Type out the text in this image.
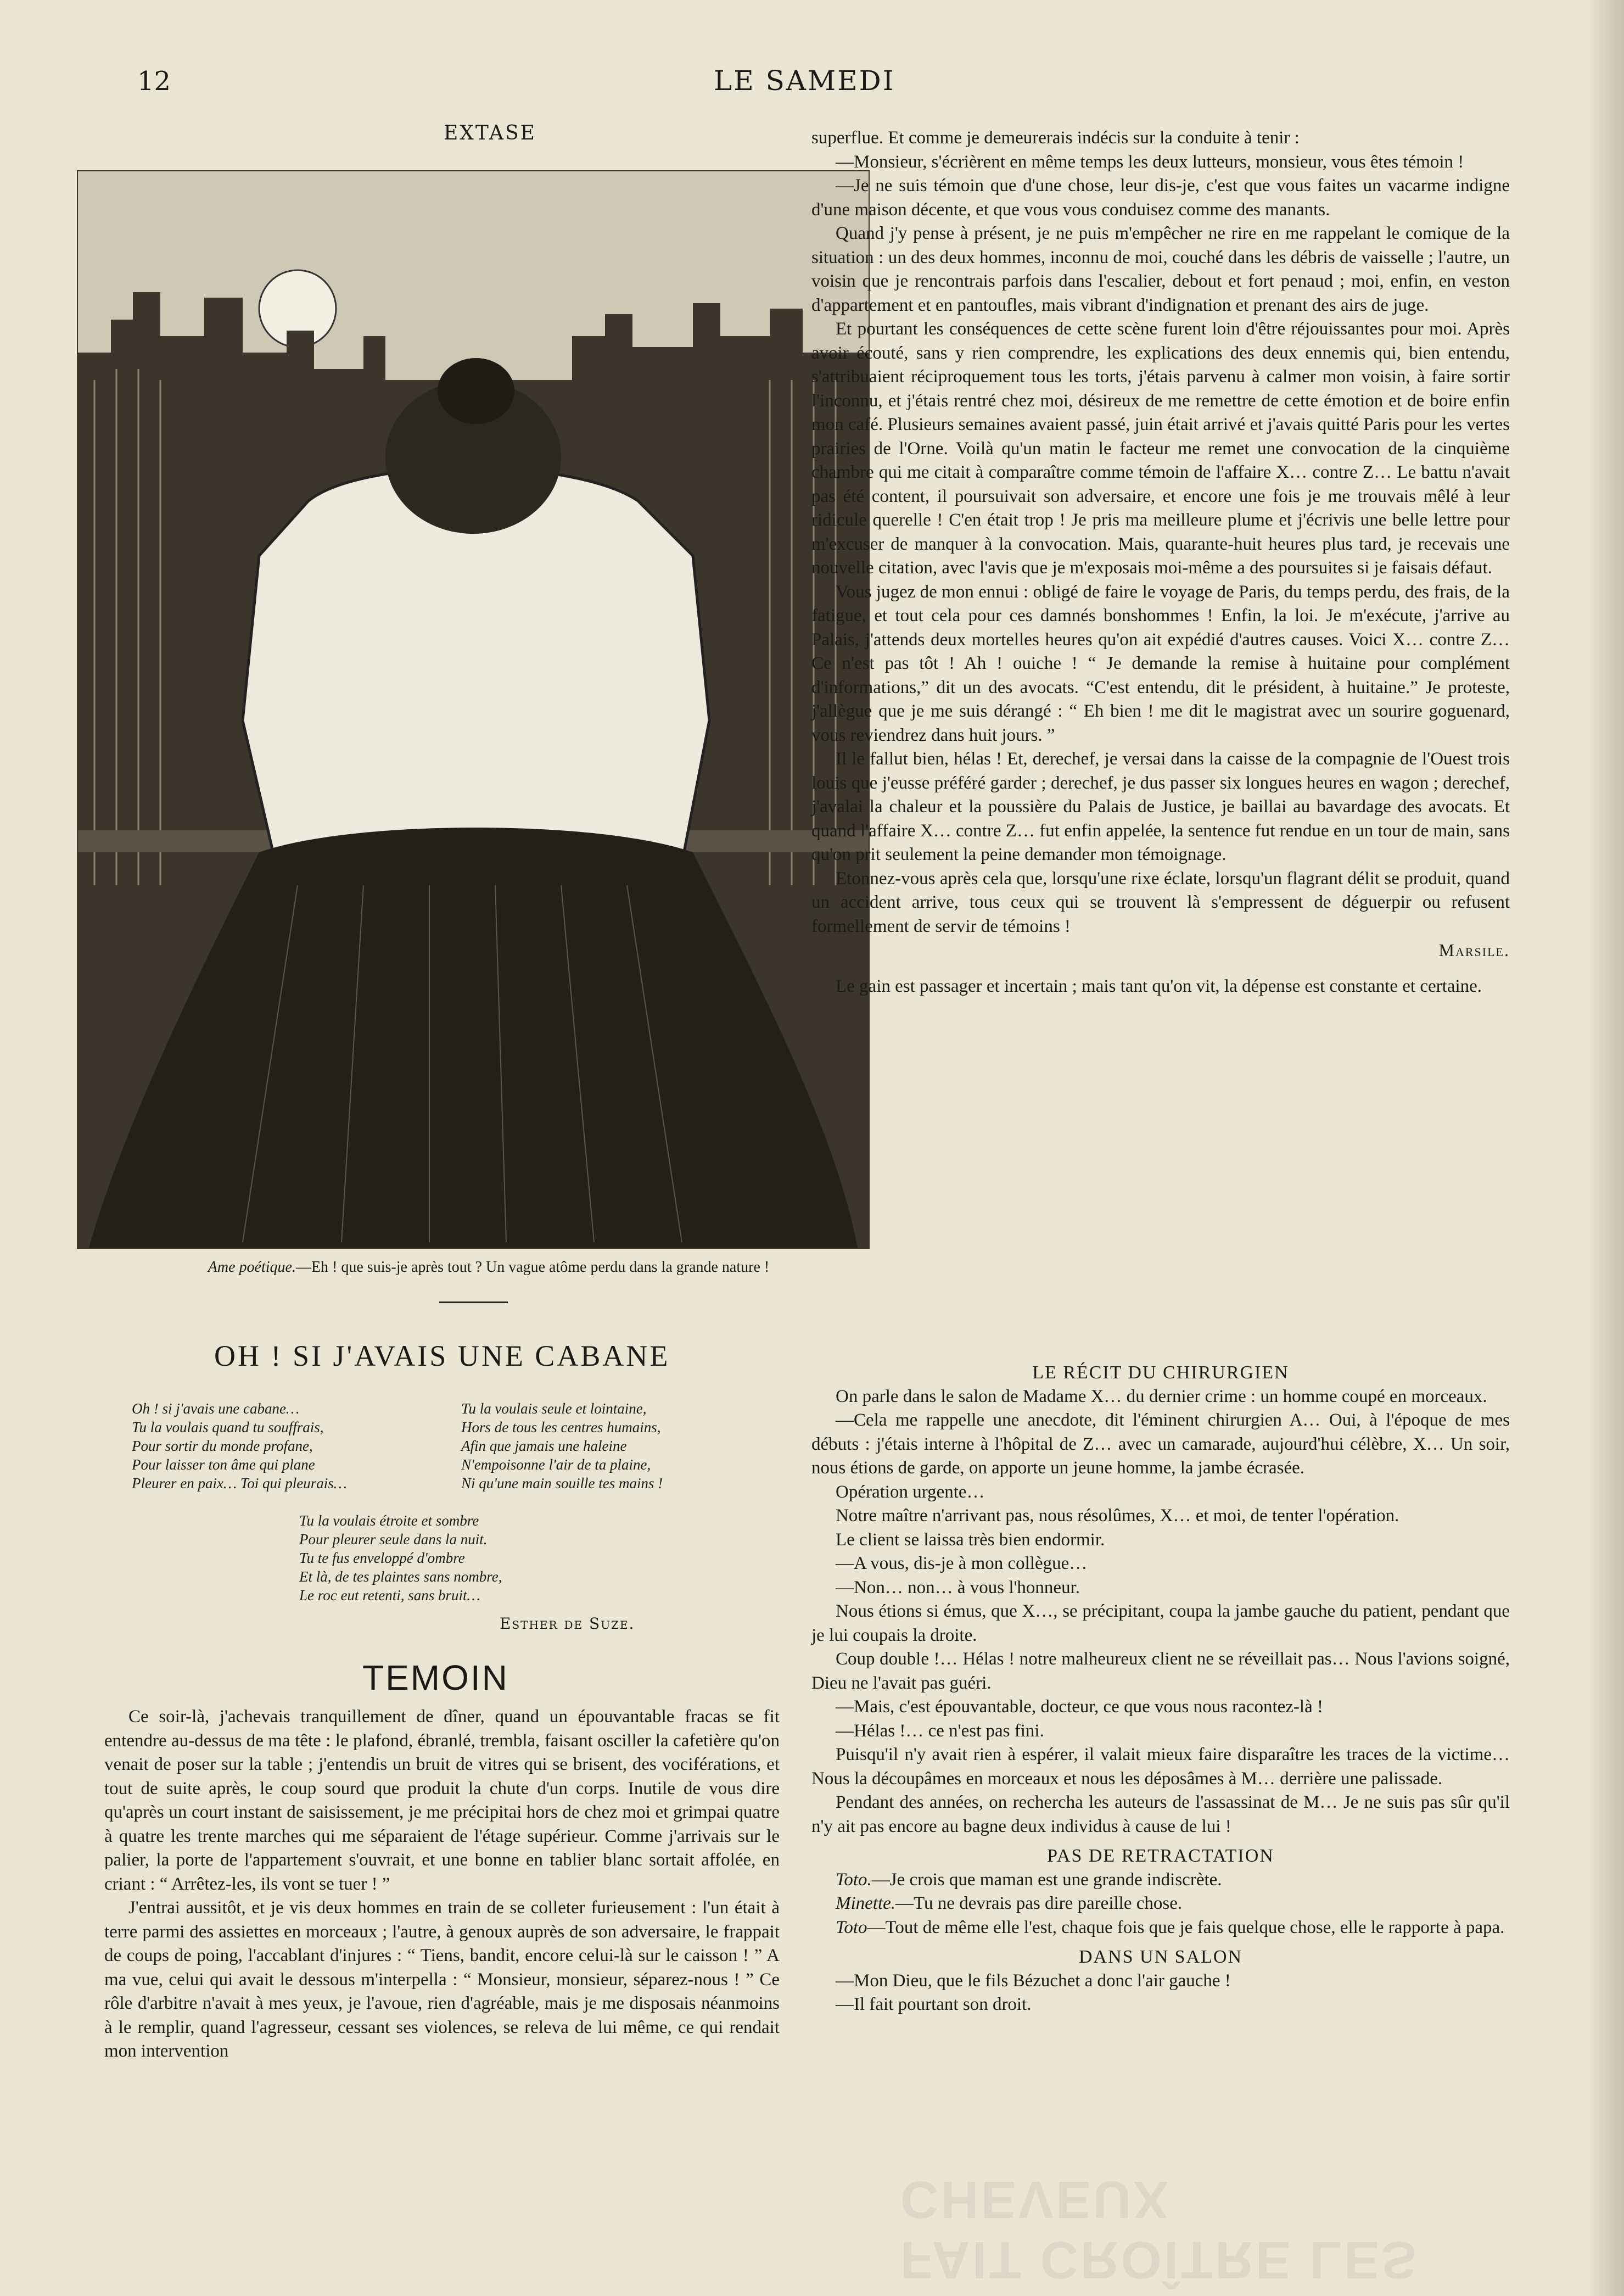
12	LE SAMEDI
EXTASE
Ame poétique.—Eh ! que suis-je après tout ? Un vague atôme perdu dans la grande nature !
OH ! SI J'AVAIS UNE CABANE
Oh ! si j'avais une cabane…
Tu la voulais quand tu souffrais,
Pour sortir du monde profane,
Pour laisser ton âme qui plane
Pleurer en paix… Toi qui pleurais…
Tu la voulais seule et lointaine,
Hors de tous les centres humains,
Afin que jamais une haleine
N'empoisonne l'air de ta plaine,
Ni qu'une main souille tes mains !
Tu la voulais étroite et sombre
Pour pleurer seule dans la nuit.
Tu te fus enveloppé d'ombre
Et là, de tes plaintes sans nombre,
Le roc eut retenti, sans bruit…
Esther de Suze.
TEMOIN

Ce soir-là, j'achevais tranquillement de dîner, quand un épouvantable fracas se fit entendre au-dessus de ma tête : le plafond, ébranlé, trembla, faisant osciller la cafetière qu'on venait de poser sur la table ; j'entendis un bruit de vitres qui se brisent, des vociférations, et tout de suite après, le coup sourd que produit la chute d'un corps. Inutile de vous dire qu'après un court instant de saisissement, je me précipitai hors de chez moi et grimpai quatre à quatre les trente marches qui me séparaient de l'étage supérieur. Comme j'arrivais sur le palier, la porte de l'appartement s'ouvrait, et une bonne en tablier blanc sortait affolée, en criant : “ Arrêtez-les, ils vont se tuer ! ”

J'entrai aussitôt, et je vis deux hommes en train de se colleter furieusement : l'un était à terre parmi des assiettes en morceaux ; l'autre, à genoux auprès de son adversaire, le frappait de coups de poing, l'accablant d'injures : “ Tiens, bandit, encore celui-là sur le caisson ! ” A ma vue, celui qui avait le dessous m'interpella : “ Monsieur, monsieur, séparez-nous ! ” Ce rôle d'arbitre n'avait à mes yeux, je l'avoue, rien d'agréable, mais je me disposais néanmoins à le remplir, quand l'agresseur, cessant ses violences, se releva de lui même, ce qui rendait mon intervention

superflue. Et comme je demeurerais indécis sur la conduite à tenir :

—Monsieur, s'écrièrent en même temps les deux lutteurs, monsieur, vous êtes témoin !

—Je ne suis témoin que d'une chose, leur dis-je, c'est que vous faites un vacarme indigne d'une maison décente, et que vous vous conduisez comme des manants.

Quand j'y pense à présent, je ne puis m'empêcher ne rire en me rappelant le comique de la situation : un des deux hommes, inconnu de moi, couché dans les débris de vaisselle ; l'autre, un voisin que je rencontrais parfois dans l'escalier, debout et fort penaud ; moi, enfin, en veston d'appartement et en pantoufles, mais vibrant d'indignation et prenant des airs de juge.

Et pourtant les conséquences de cette scène furent loin d'être réjouissantes pour moi. Après avoir écouté, sans y rien comprendre, les explications des deux ennemis qui, bien entendu, s'attribuaient réciproquement tous les torts, j'étais parvenu à calmer mon voisin, à faire sortir l'inconnu, et j'étais rentré chez moi, désireux de me remettre de cette émotion et de boire enfin mon café. Plusieurs semaines avaient passé, juin était arrivé et j'avais quitté Paris pour les vertes prairies de l'Orne. Voilà qu'un matin le facteur me remet une convocation de la cinquième chambre qui me citait à comparaître comme témoin de l'affaire X… contre Z… Le battu n'avait pas été content, il poursuivait son adversaire, et encore une fois je me trouvais mêlé à leur ridicule querelle ! C'en était trop ! Je pris ma meilleure plume et j'écrivis une belle lettre pour m'excuser de manquer à la convocation. Mais, quarante-huit heures plus tard, je recevais une nouvelle citation, avec l'avis que je m'exposais moi-même a des poursuites si je faisais défaut.

Vous jugez de mon ennui : obligé de faire le voyage de Paris, du temps perdu, des frais, de la fatigue, et tout cela pour ces damnés bonshommes ! Enfin, la loi. Je m'exécute, j'arrive au Palais, j'attends deux mortelles heures qu'on ait expédié d'autres causes. Voici X… contre Z… Ce n'est pas tôt ! Ah ! ouiche ! “ Je demande la remise à huitaine pour complément d'informations,” dit un des avocats. “C'est entendu, dit le président, à huitaine.” Je proteste, j'allègue que je me suis dérangé : “ Eh bien ! me dit le magistrat avec un sourire goguenard, vous reviendrez dans huit jours. ”

Il le fallut bien, hélas ! Et, derechef, je versai dans la caisse de la compagnie de l'Ouest trois louis que j'eusse préféré garder ; derechef, je dus passer six longues heures en wagon ; derechef, j'avalai la chaleur et la poussière du Palais de Justice, je baillai au bavardage des avocats. Et quand l'affaire X… contre Z… fut enfin appelée, la sentence fut rendue en un tour de main, sans qu'on prit seulement la peine demander mon témoignage.

Etonnez-vous après cela que, lorsqu'une rixe éclate, lorsqu'un flagrant délit se produit, quand un accident arrive, tous ceux qui se trouvent là s'empressent de déguerpir ou refusent formellement de servir de témoins !

Marsile.

Le gain est passager et incertain ; mais tant qu'on vit, la dépense est constante et certaine.

LE RÉCIT DU CHIRURGIEN

On parle dans le salon de Madame X… du dernier crime : un homme coupé en morceaux.

—Cela me rappelle une anecdote, dit l'éminent chirurgien A… Oui, à l'époque de mes débuts : j'étais interne à l'hôpital de Z… avec un camarade, aujourd'hui célèbre, X… Un soir, nous étions de garde, on apporte un jeune homme, la jambe écrasée.

Opération urgente…

Notre maître n'arrivant pas, nous résolûmes, X… et moi, de tenter l'opération.

Le client se laissa très bien endormir.

—A vous, dis-je à mon collègue…

—Non… non… à vous l'honneur.

Nous étions si émus, que X…, se précipitant, coupa la jambe gauche du patient, pendant que je lui coupais la droite.

Coup double !… Hélas ! notre malheureux client ne se réveillait pas… Nous l'avions soigné, Dieu ne l'avait pas guéri.

—Mais, c'est épouvantable, docteur, ce que vous nous racontez-là !

—Hélas !… ce n'est pas fini.

Puisqu'il n'y avait rien à espérer, il valait mieux faire disparaître les traces de la victime… Nous la découpâmes en morceaux et nous les déposâmes à M… derrière une palissade.

Pendant des années, on rechercha les auteurs de l'assassinat de M… Je ne suis pas sûr qu'il n'y ait pas encore au bagne deux individus à cause de lui !

PAS DE RETRACTATION

Toto.—Je crois que maman est une grande indiscrète.

Minette.—Tu ne devrais pas dire pareille chose.

Toto—Tout de même elle l'est, chaque fois que je fais quelque chose, elle le rapporte à papa.

DANS UN SALON

—Mon Dieu, que le fils Bézuchet a donc l'air gauche !

—Il fait pourtant son droit.

FAIT CROÎTRE LES CHEVEUX
